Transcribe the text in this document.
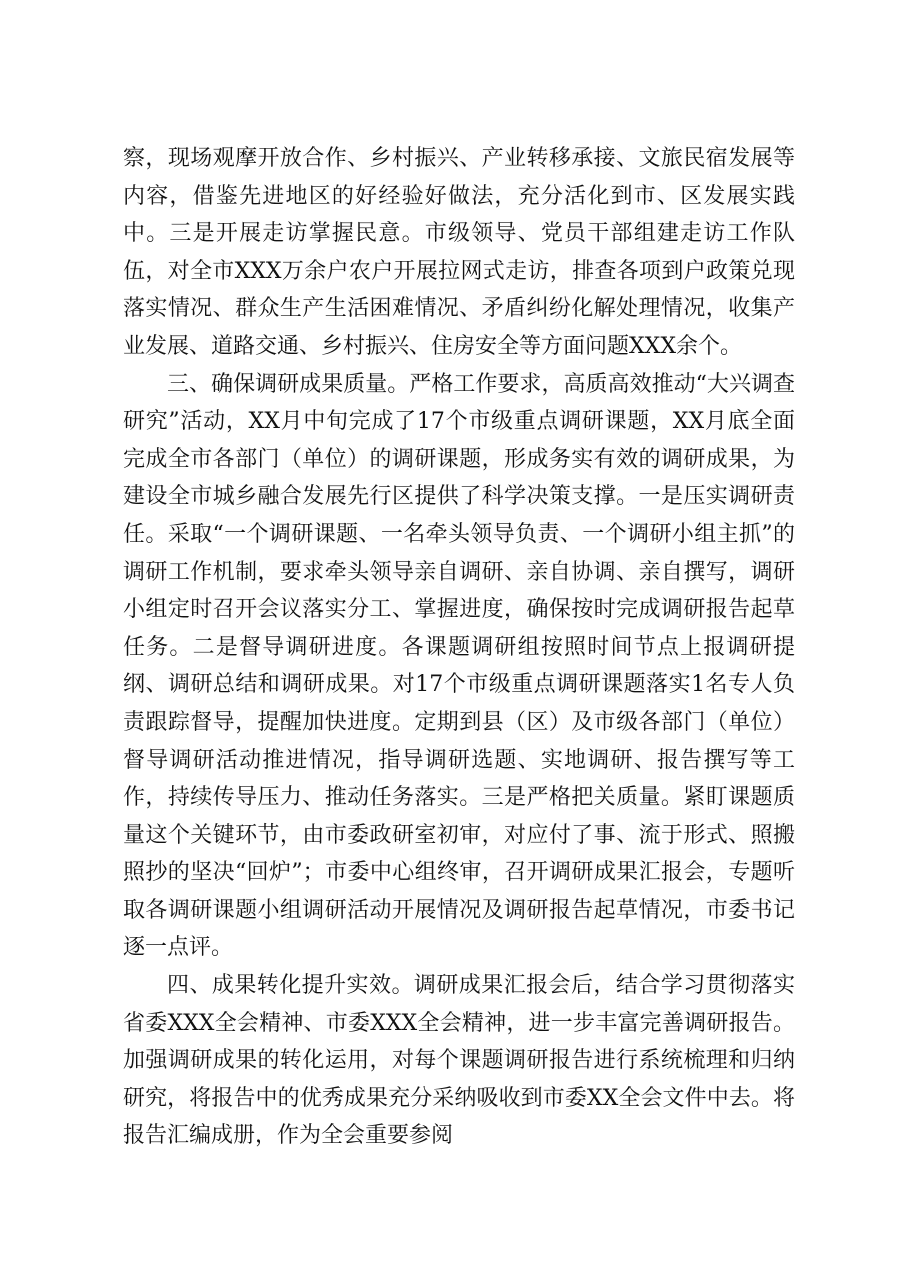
察，现场观摩开放合作、乡村振兴、产业转移承接、文旅民宿发展等内容，借鉴先进地区的好经验好做法，充分活化到市、区发展实践中。三是开展走访掌握民意。市级领导、党员干部组建走访工作队伍，对全市XXX万余户农户开展拉网式走访，排查各项到户政策兑现落实情况、群众生产生活困难情况、矛盾纠纷化解处理情况，收集产业发展、道路交通、乡村振兴、住房安全等方面问题XXX余个。

三、确保调研成果质量。严格工作要求，高质高效推动“大兴调查研究”活动，XX月中旬完成了17个市级重点调研课题，XX月底全面完成全市各部门（单位）的调研课题，形成务实有效的调研成果，为建设全市城乡融合发展先行区提供了科学决策支撑。一是压实调研责任。采取“一个调研课题、一名牵头领导负责、一个调研小组主抓”的调研工作机制，要求牵头领导亲自调研、亲自协调、亲自撰写，调研小组定时召开会议落实分工、掌握进度，确保按时完成调研报告起草任务。二是督导调研进度。各课题调研组按照时间节点上报调研提纲、调研总结和调研成果。对17个市级重点调研课题落实1名专人负责跟踪督导，提醒加快进度。定期到县（区）及市级各部门（单位）督导调研活动推进情况，指导调研选题、实地调研、报告撰写等工作，持续传导压力、推动任务落实。三是严格把关质量。紧盯课题质量这个关键环节，由市委政研室初审，对应付了事、流于形式、照搬照抄的坚决“回炉”；市委中心组终审，召开调研成果汇报会，专题听取各调研课题小组调研活动开展情况及调研报告起草情况，市委书记逐一点评。

四、成果转化提升实效。调研成果汇报会后，结合学习贯彻落实省委XXX全会精神、市委XXX全会精神，进一步丰富完善调研报告。加强调研成果的转化运用，对每个课题调研报告进行系统梳理和归纳研究，将报告中的优秀成果充分采纳吸收到市委XX全会文件中去。将报告汇编成册，作为全会重要参阅
